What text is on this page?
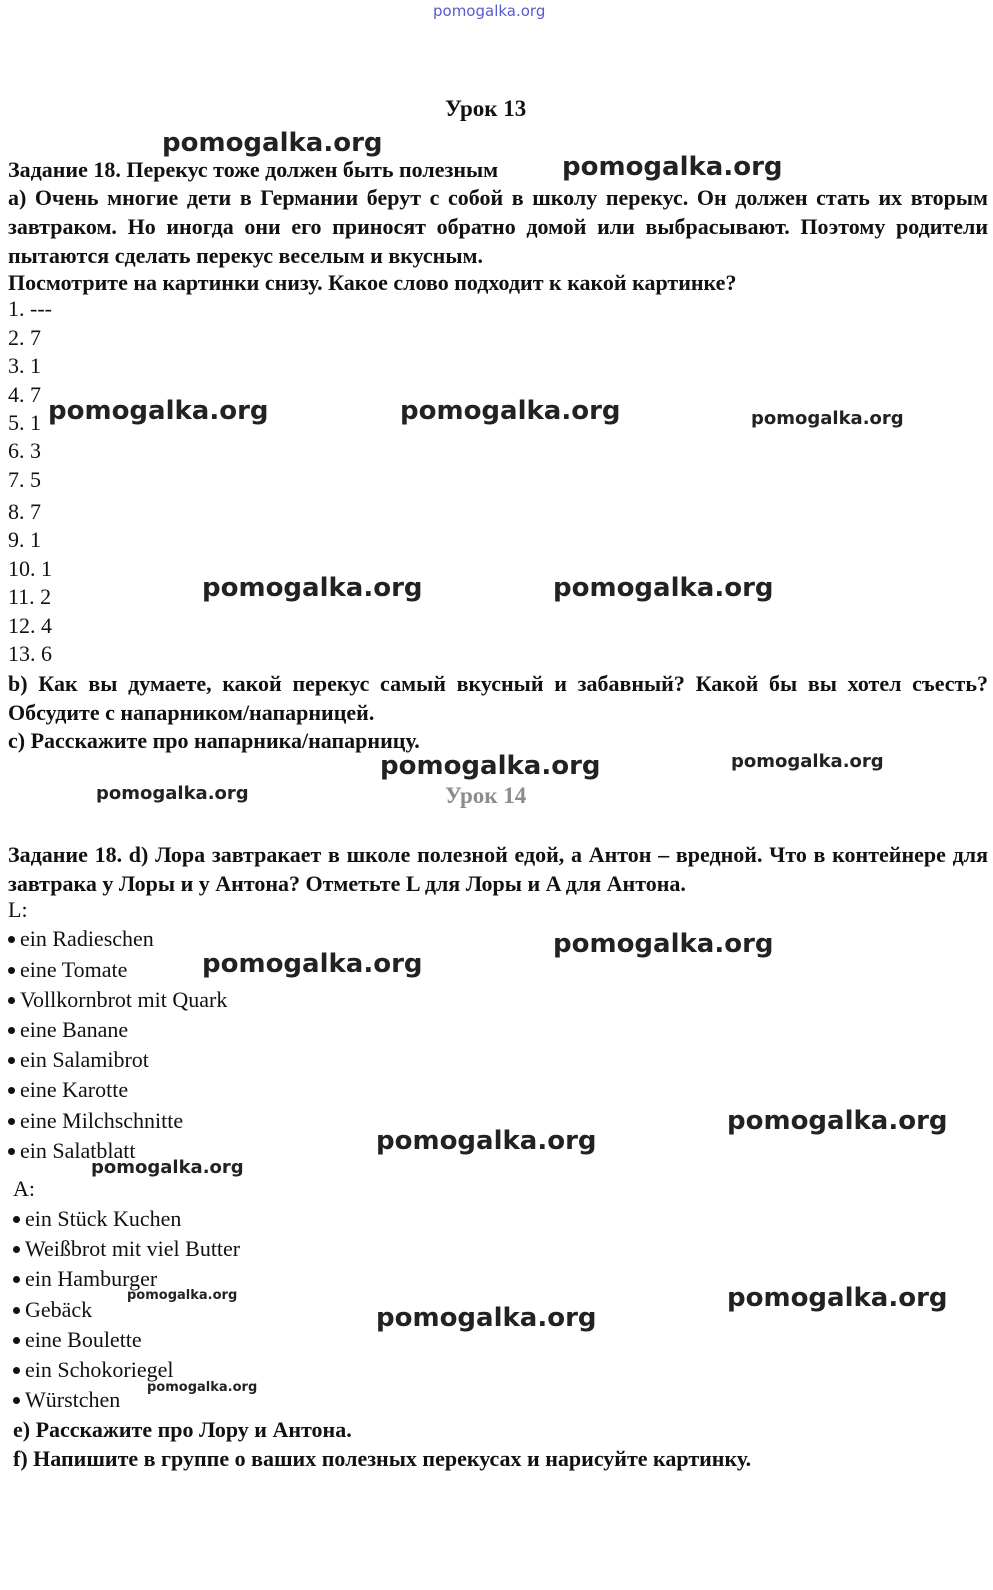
pomogalka.org
Урок 13
Задание 18. Перекус тоже должен быть полезным
а) Очень многие дети в Германии берут с собой в школу перекус. Он должен стать их вторым завтраком. Но иногда они его приносят обратно домой или выбрасывают. Поэтому родители пытаются сделать перекус веселым и вкусным.
Посмотрите на картинки снизу. Какое слово подходит к какой картинке?
1. ---
2. 7
3. 1
4. 7
5. 1
6. 3
7. 5
8. 7
9. 1
10. 1
11. 2
12. 4
13. 6
b) Как вы думаете, какой перекус самый вкусный и забавный? Какой бы вы хотел съесть? Обсудите с напарником/напарницей.
c) Расскажите про напарника/напарницу.
Урок 14
Задание 18. d) Лора завтракает в школе полезной едой, а Антон – вредной. Что в контейнере для завтрака у Лоры и у Антона? Отметьте L для Лоры и A для Антона.
L:
ein Radieschen
eine Tomate
Vollkornbrot mit Quark
eine Banane
ein Salamibrot
eine Karotte
eine Milchschnitte
ein Salatblatt
A:
ein Stück Kuchen
Weißbrot mit viel Butter
ein Hamburger
Gebäck
eine Boulette
ein Schokoriegel
Würstchen
e) Расскажите про Лору и Антона.
f) Напишите в группе о ваших полезных перекусах и нарисуйте картинку.
pomogalka.org
pomogalka.org
pomogalka.org	pomogalka.org	pomogalka.org
pomogalka.org	pomogalka.org
pomogalka.org	pomogalka.org
pomogalka.org
pomogalka.org
pomogalka.org
pomogalka.org
pomogalka.org
pomogalka.org
pomogalka.org	pomogalka.org
pomogalka.org
pomogalka.org
